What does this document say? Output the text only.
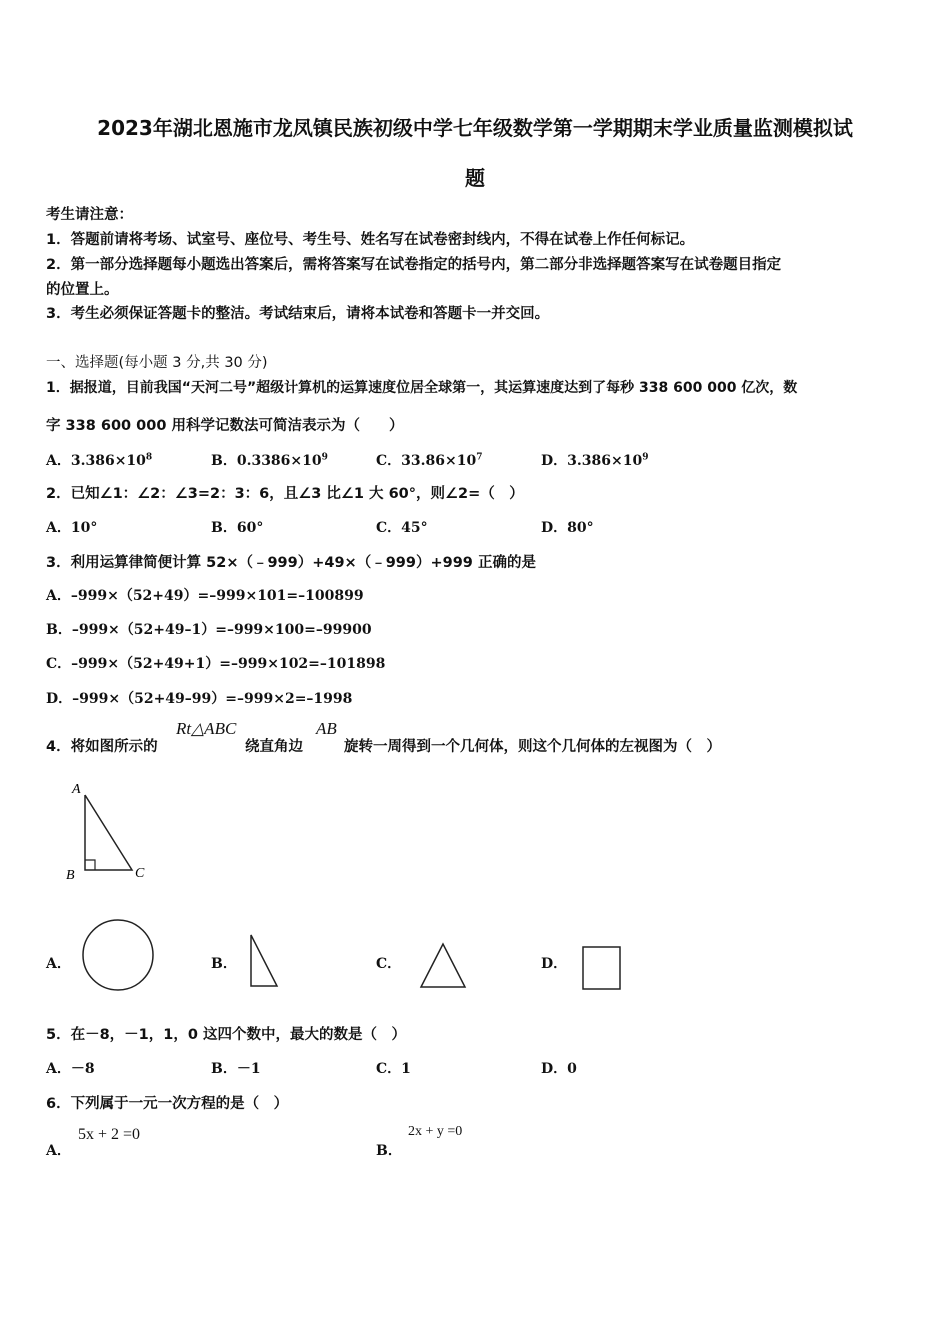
2023年湖北恩施市龙凤镇民族初级中学七年级数学第一学期期末学业质量监测模拟试
题
考生请注意：
1．答题前请将考场、试室号、座位号、考生号、姓名写在试卷密封线内，不得在试卷上作任何标记。
2．第一部分选择题每小题选出答案后，需将答案写在试卷指定的括号内，第二部分非选择题答案写在试卷题目指定
的位置上。
3．考生必须保证答题卡的整洁。考试结束后，请将本试卷和答题卡一并交回。
一、选择题(每小题 3 分,共 30 分)
1．据报道，目前我国“天河二号”超级计算机的运算速度位居全球第一，其运算速度达到了每秒 338 600 000 亿次，数
字 338 600 000 用科学记数法可简洁表示为（　　）
A．$3.386\times 10^8$	B．$0.3386\times 10^9$	C．$33.86\times 10^7$	D．$3.386\times 10^9$
2．已知∠1：∠2：∠3=2：3：6，且∠3 比∠1 大 60°，则∠2=（　）
A．10°	B．60°	C．45°	D．80°
3．利用运算律简便计算 52×（﹣999）+49×（﹣999）+999 正确的是
A．–999×（52+49）=–999×101=–100899
B．–999×（52+49–1）=–999×100=–99900
C．–999×（52+49+1）=–999×102=–101898
D．–999×（52+49–99）=–999×2=–1998
4．将如图所示的
Rt△ABC
绕直角边
AB
旋转一周得到一个几何体，则这个几何体的左视图为（　）
A
B	C
A．	B．	C．	D．
5．在－8，－1，1，0 这四个数中，最大的数是（　）
A．－8	B．－1	C．1	D．0
6．下列属于一元一次方程的是（　）
A．
5x + 2 =0
B．
2x + y =0
